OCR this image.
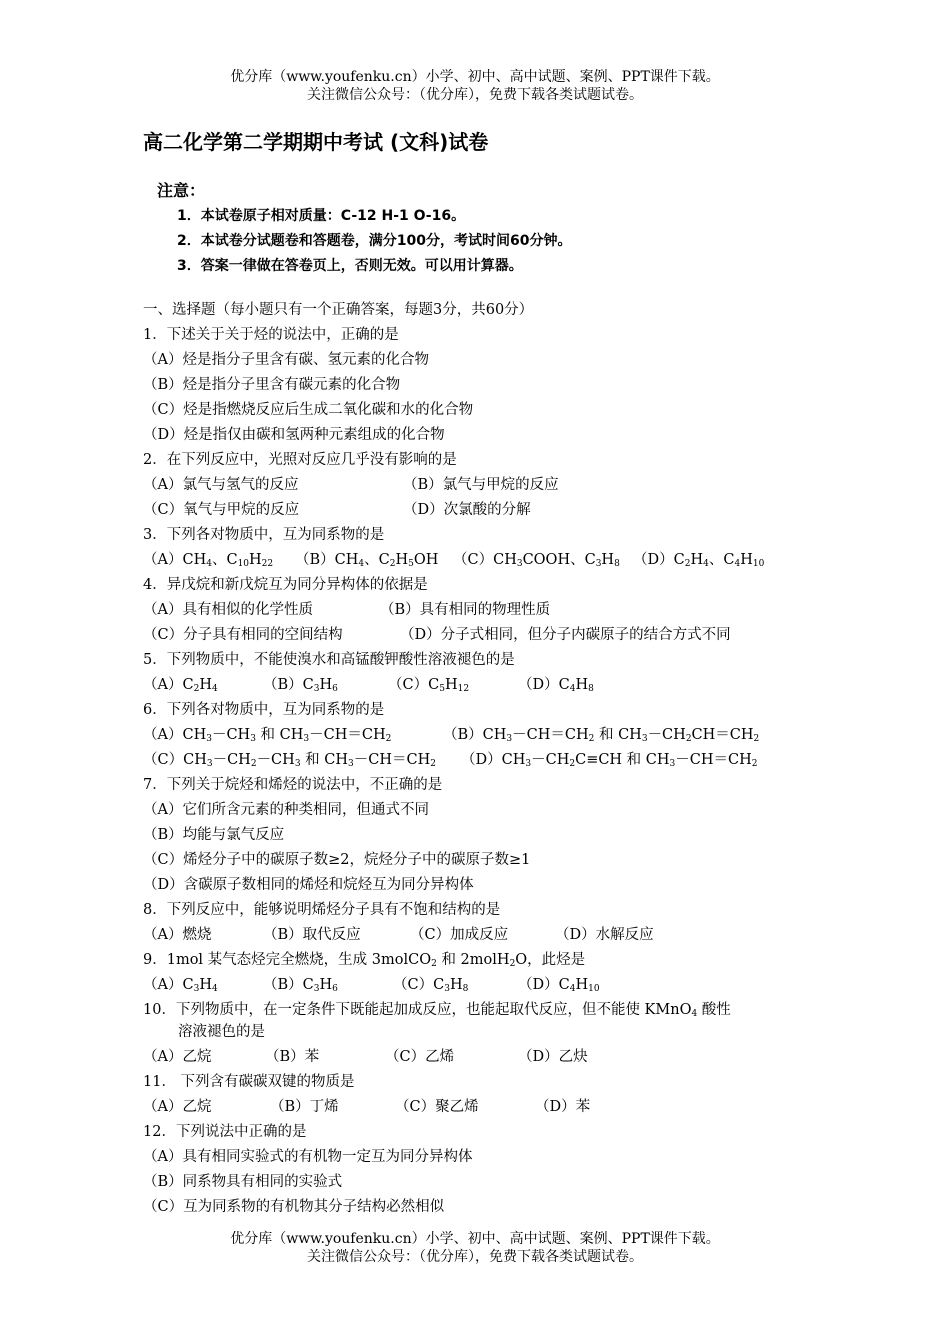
优分库（www.youfenku.cn）小学、初中、高中试题、案例、PPT课件下载。
关注微信公众号：（优分库），免费下载各类试题试卷。
高二化学第二学期期中考试 (文科)试卷
注意：
1．本试卷原子相对质量：C-12 H-1 O-16。
2．本试卷分试题卷和答题卷，满分100分，考试时间60分钟。
3．答案一律做在答卷页上，否则无效。可以用计算器。
一、选择题（每小题只有一个正确答案，每题3分，共60分）
1．下述关于关于烃的说法中，正确的是
（A）烃是指分子里含有碳、氢元素的化合物
（B）烃是指分子里含有碳元素的化合物
（C）烃是指燃烧反应后生成二氧化碳和水的化合物
（D）烃是指仅由碳和氢两种元素组成的化合物
2．在下列反应中，光照对反应几乎没有影响的是
（A）氯气与氢气的反应	（B）氯气与甲烷的反应
（C）氧气与甲烷的反应	（D）次氯酸的分解
3．下列各对物质中，互为同系物的是
$(A)CH_4$、$C_{10}H_{22}$ $(B)CH_4$、$C_2H_5OH$ $(C)CH_3COOH$、$C_3H_8$ $(D)C_2H_4$、$C_4H_{10}$
4．异戊烷和新戊烷互为同分异构体的依据是
（A）具有相似的化学性质	（B）具有相同的物理性质
（C）分子具有相同的空间结构	（D）分子式相同，但分子内碳原子的结合方式不同
5．下列物质中，不能使溴水和高锰酸钾酸性溶液褪色的是
$(A)C_2H_4$	$(B)C_3H_6$	$(C)C_5H_{12}$	$(D)C_4H_8$
6．下列各对物质中，互为同系物的是
$(A)CH_3-CH_3$ 和 $CH_3-CH=CH_2$	$(B)CH_3-CH=CH_2$ 和 $CH_3-CH_2CH=CH_2$
$(C)CH_3-CH_2-CH_3$ 和 $CH_3-CH=CH_2$ $(D)CH_3-CH_2C\equiv CH$ 和 $CH_3-CH=CH_2$
7．下列关于烷烃和烯烃的说法中，不正确的是
（A）它们所含元素的种类相同，但通式不同
（B）均能与氯气反应
（C）烯烃分子中的碳原子数≥2，烷烃分子中的碳原子数≥1
（D）含碳原子数相同的烯烃和烷烃互为同分异构体
8．下列反应中，能够说明烯烃分子具有不饱和结构的是
（A）燃烧	（B）取代反应	（C）加成反应	（D）水解反应
9．1mol 某气态烃完全燃烧，生成 3molCO$_2$ 和 2molH$_2$O，此烃是
$(A)C_3H_4$	$(B)C_3H_6$	$(C)C_3H_8$	$(D)C_4H_{10}$
10．下列物质中，在一定条件下既能起加成反应，也能起取代反应，但不能使 KMnO$_4$ 酸性
溶液褪色的是
（A）乙烷	（B）苯	（C）乙烯	（D）乙炔
11． 下列含有碳碳双键的物质是
（A）乙烷	（B）丁烯	（C）聚乙烯	（D）苯
12．下列说法中正确的是
（A）具有相同实验式的有机物一定互为同分异构体
（B）同系物具有相同的实验式
（C）互为同系物的有机物其分子结构必然相似
优分库（www.youfenku.cn）小学、初中、高中试题、案例、PPT课件下载。
关注微信公众号：（优分库），免费下载各类试题试卷。
